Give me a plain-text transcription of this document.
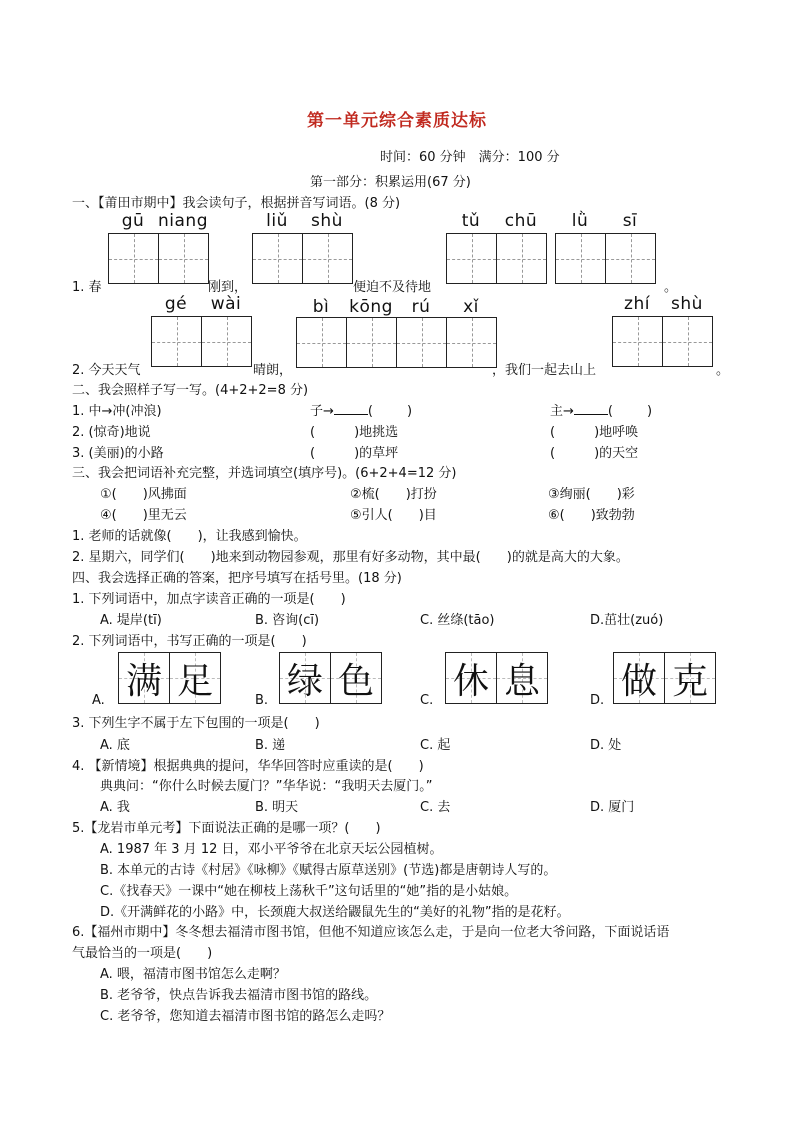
第一单元综合素质达标
时间：60 分钟　满分：100 分
第一部分：积累运用(67 分)
一、【莆田市期中】我会读句子，根据拼音写词语。(8 分)
1. 春	刚到，	便迫不及待地	。
gū niang	liǔ	shù	tǔ	chū	lǜ	sī
2. 今天天气	晴朗，	，我们一起去山上	。
gé	wài	bì	kōng	rú	xǐ	zhí	shù
二、我会照样子写一写。(4+2+2=8 分)
1. 中→冲(冲浪)	子→	(	)	主→	(	)
2. (惊奇)地说	(　　　)地挑选	(　　　)地呼唤
3. (美丽)的小路	(　　　)的草坪	(　　　)的天空
三、我会把词语补充完整，并选词填空(填序号)。(6+2+4=12 分)
①(　　)风拂面	②梳(　　)打扮	③绚丽(　　)彩
④(　　)里无云	⑤引人(　　)目	⑥(　　)致勃勃
1. 老师的话就像(　　)，让我感到愉快。
2. 星期六，同学们(　　)地来到动物园参观，那里有好多动物，其中最(　　)的就是高大的大象。
四、我会选择正确的答案，把序号填写在括号里。(18 分)
1. 下列词语中，加点字读音正确的一项是(　　)
A. 堤岸(tī)	B. 咨询(cī)	C. 丝绦(tāo)	D.茁壮(zuó)
2. 下列词语中，书写正确的一项是(　　)
A. 满 足	B. 绿 色	C. 休 息	D. 做 克
3. 下列生字不属于左下包围的一项是(　　)
A. 底	B. 递	C. 起	D. 处
4. 【新情境】根据典典的提问，华华回答时应重读的是(　　)
典典问：“你什么时候去厦门？”华华说：“我明天去厦门。”
A. 我	B. 明天	C. 去	D. 厦门
5.【龙岩市单元考】下面说法正确的是哪一项？(　　)
A. 1987 年 3 月 12 日，邓小平爷爷在北京天坛公园植树。
B. 本单元的古诗《村居》《咏柳》《赋得古原草送别》(节选)都是唐朝诗人写的。
C.《找春天》一课中“她在柳枝上荡秋千”这句话里的“她”指的是小姑娘。
D.《开满鲜花的小路》中，长颈鹿大叔送给鼹鼠先生的“美好的礼物”指的是花籽。
6.【福州市期中】冬冬想去福清市图书馆，但他不知道应该怎么走，于是向一位老大爷问路，下面说话语
气最恰当的一项是(　　)
A. 喂，福清市图书馆怎么走啊？
B. 老爷爷，快点告诉我去福清市图书馆的路线。
C. 老爷爷，您知道去福清市图书馆的路怎么走吗？
